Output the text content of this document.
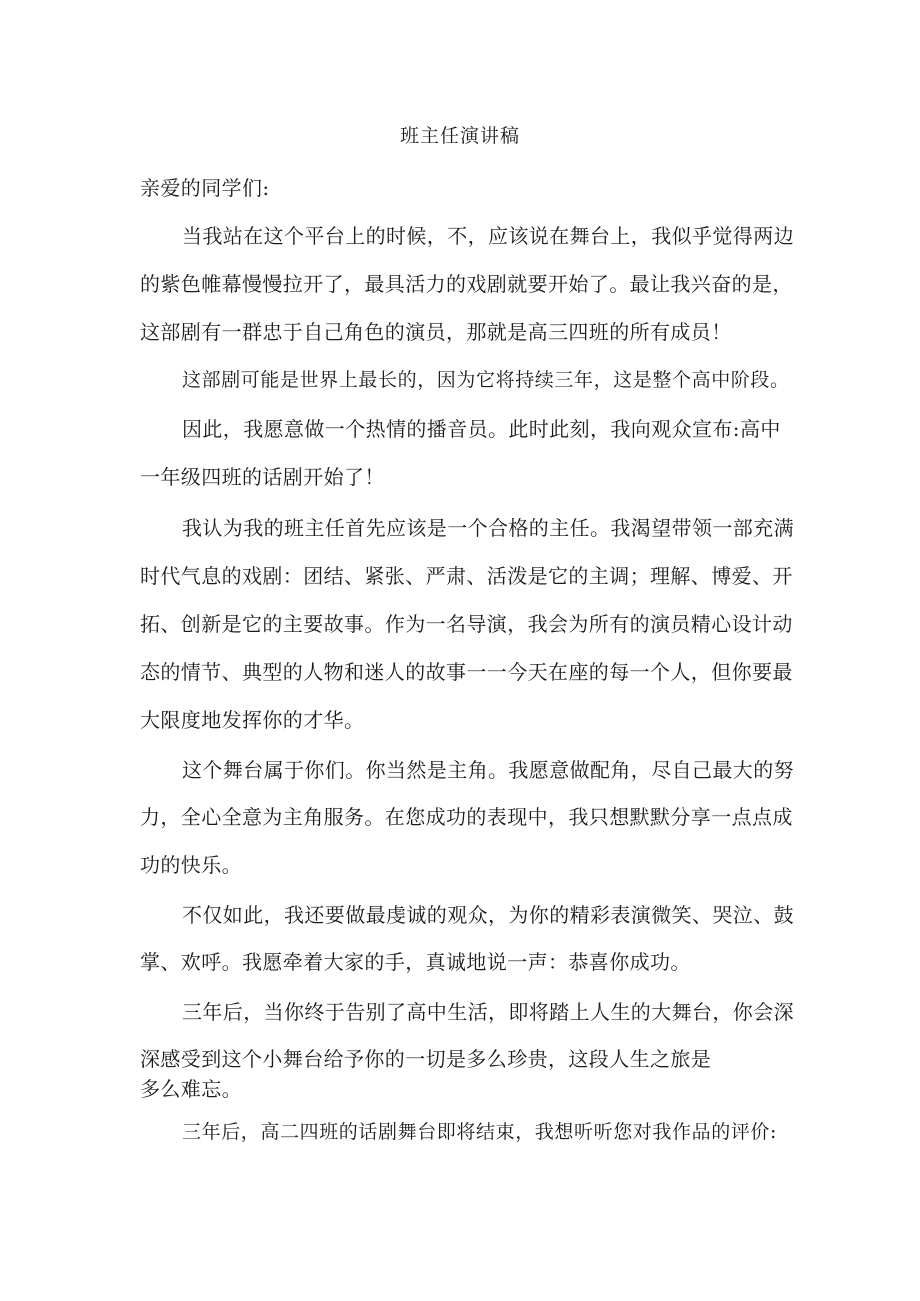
班主任演讲稿
亲爱的同学们:
当我站在这个平台上的时候，不，应该说在舞台上，我似乎觉得两边
的紫色帷幕慢慢拉开了，最具活力的戏剧就要开始了。最让我兴奋的是，
这部剧有一群忠于自己角色的演员，那就是高三四班的所有成员！
这部剧可能是世界上最长的，因为它将持续三年，这是整个高中阶段。
因此，我愿意做一个热情的播音员。此时此刻，我向观众宣布:高中
一年级四班的话剧开始了！
我认为我的班主任首先应该是一个合格的主任。我渴望带领一部充满
时代气息的戏剧：团结、紧张、严肃、活泼是它的主调；理解、博爱、开
拓、创新是它的主要故事。作为一名导演，我会为所有的演员精心设计动
态的情节、典型的人物和迷人的故事一一今天在座的每一个人，但你要最
大限度地发挥你的才华。
这个舞台属于你们。你当然是主角。我愿意做配角，尽自己最大的努
力，全心全意为主角服务。在您成功的表现中，我只想默默分享一点点成
功的快乐。
不仅如此，我还要做最虔诚的观众，为你的精彩表演微笑、哭泣、鼓
掌、欢呼。我愿牵着大家的手，真诚地说一声：恭喜你成功。
三年后，当你终于告别了高中生活，即将踏上人生的大舞台，你会深
深感受到这个小舞台给予你的一切是多么珍贵，这段人生之旅是
多么难忘。
三年后，高二四班的话剧舞台即将结束，我想听听您对我作品的评价:
